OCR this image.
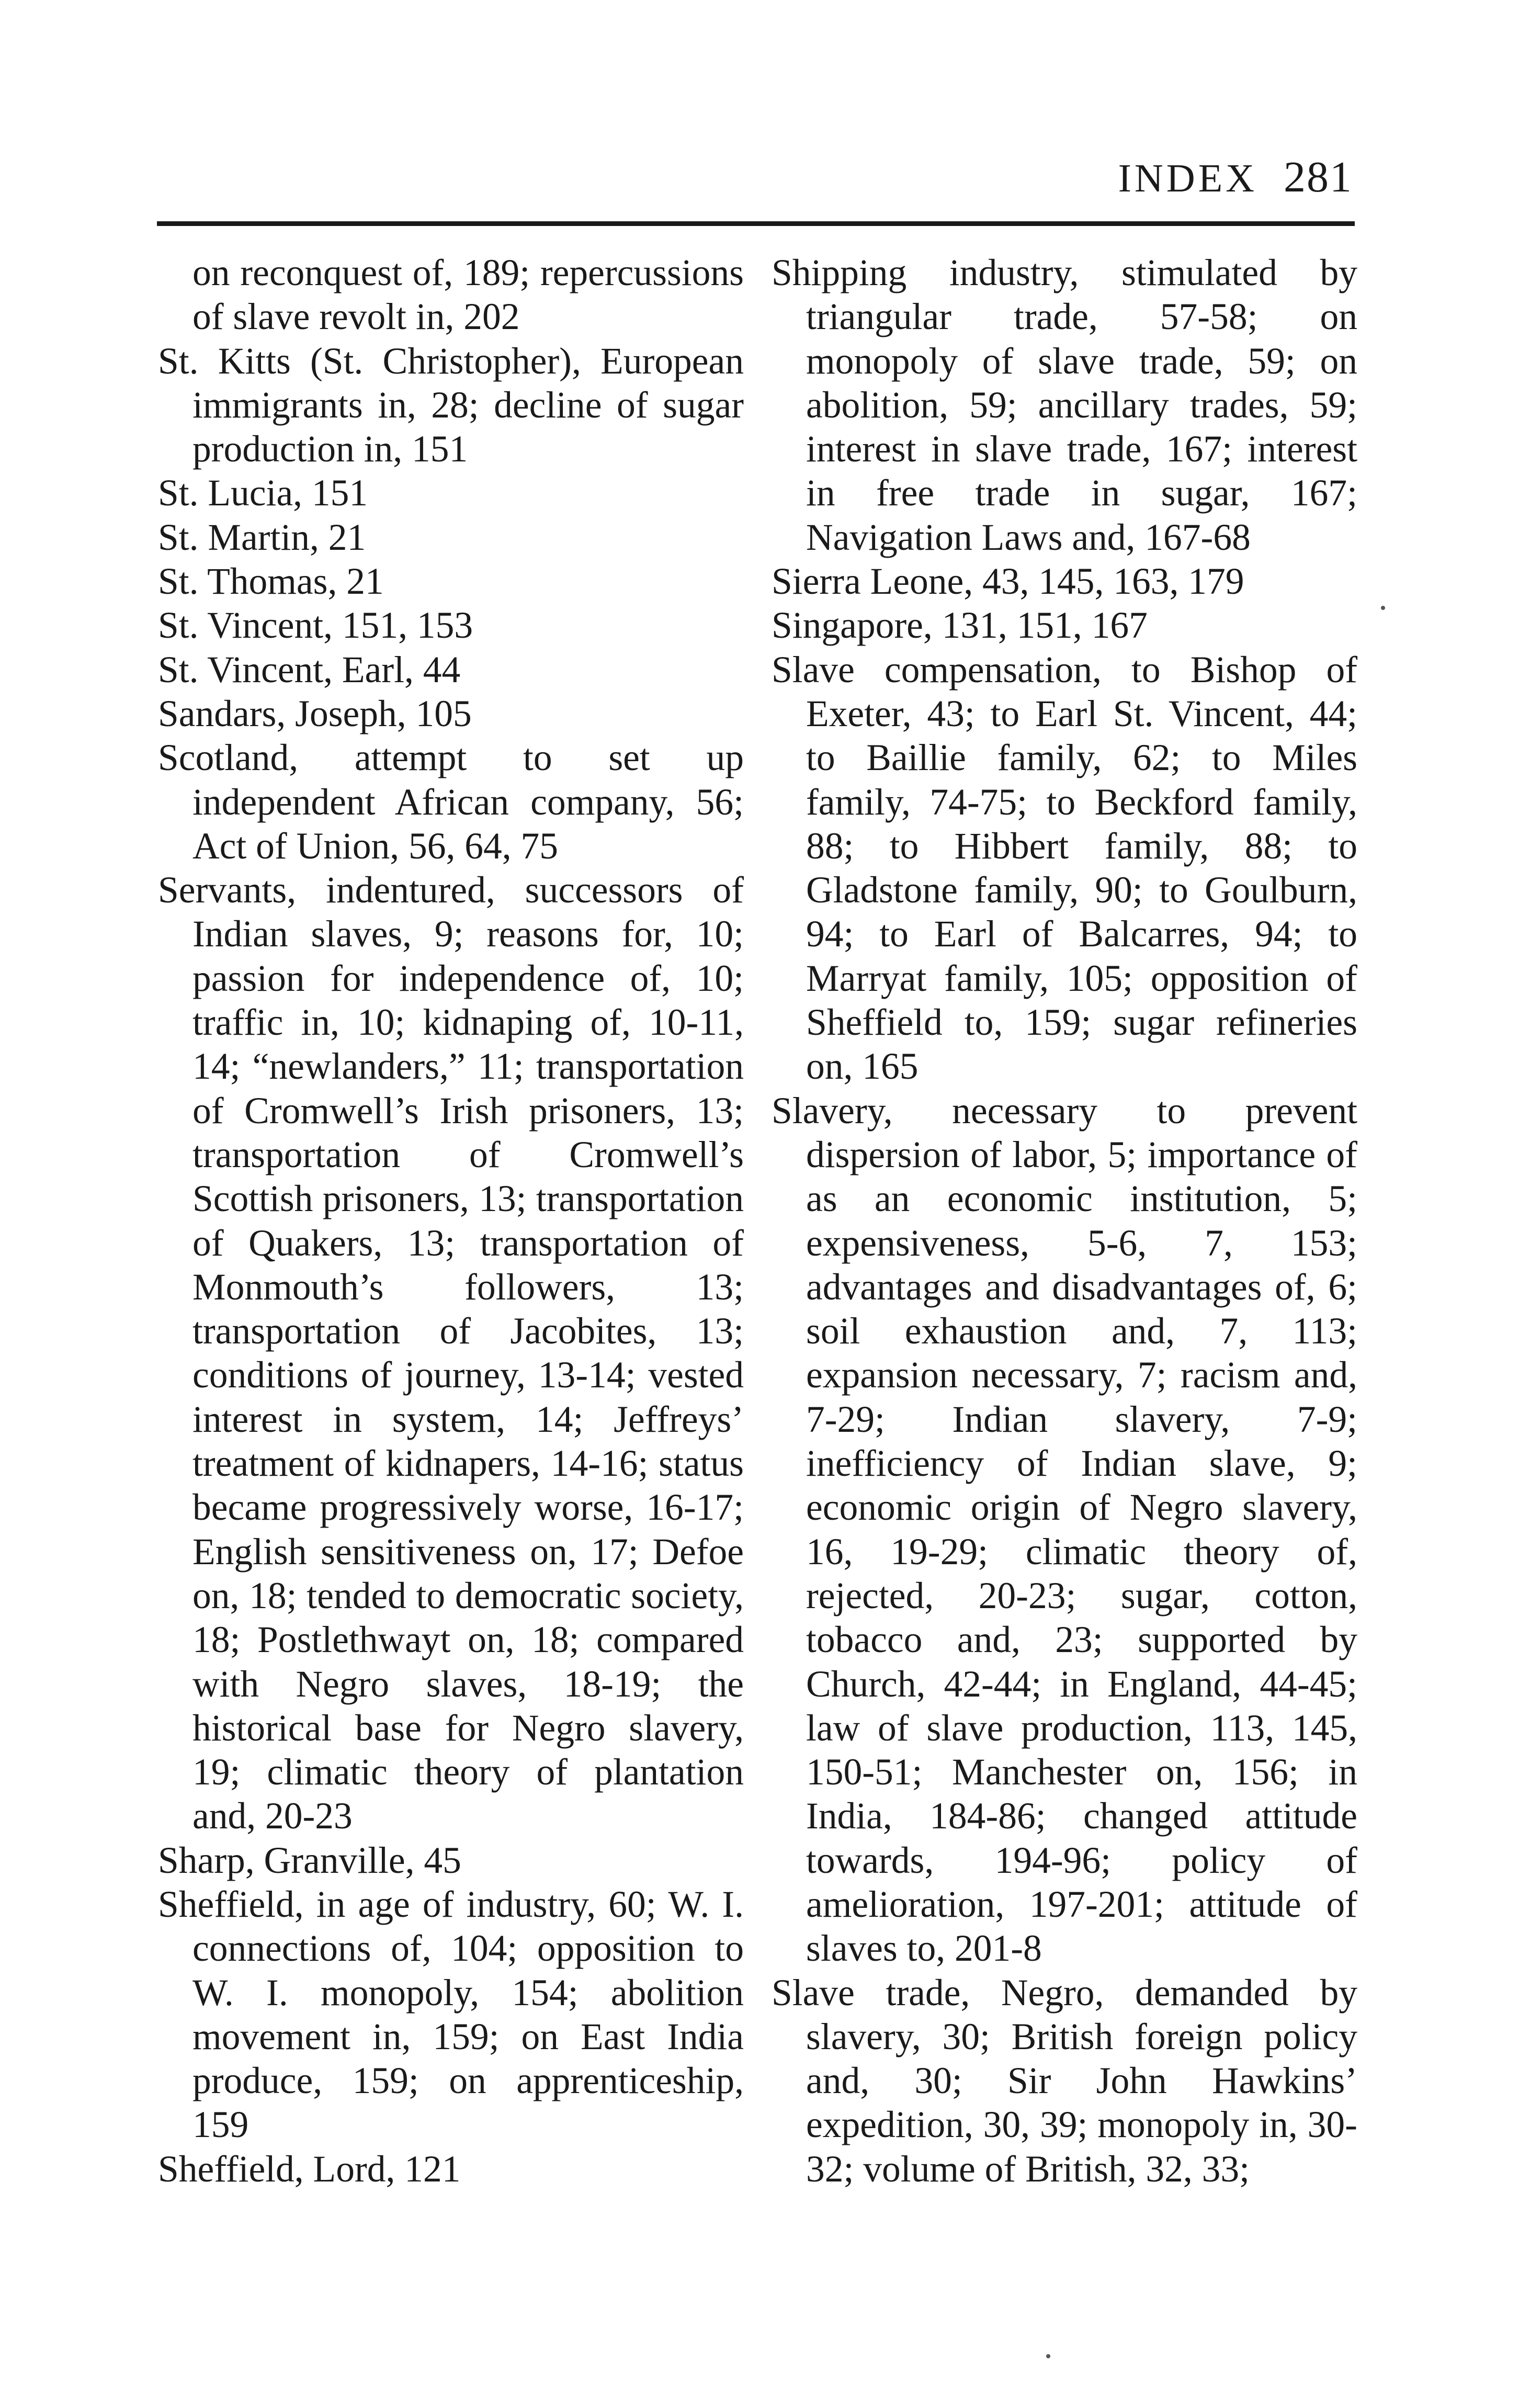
INDEX 281

on reconquest of, 189; repercussions of slave revolt in, 202

St. Kitts (St. Christopher), European immigrants in, 28; decline of sugar production in, 151

St. Lucia, 151

St. Martin, 21

St. Thomas, 21

St. Vincent, 151, 153

St. Vincent, Earl, 44

Sandars, Joseph, 105

Scotland, attempt to set up independent African company, 56; Act of Union, 56, 64, 75

Servants, indentured, successors of Indian slaves, 9; reasons for, 10; passion for independence of, 10; traffic in, 10; kidnaping of, 10-11, 14; “newlanders,” 11; transportation of Cromwell’s Irish prisoners, 13; transportation of Cromwell’s Scottish prisoners, 13; transportation of Quakers, 13; transportation of Monmouth’s followers, 13; transportation of Jacobites, 13; conditions of journey, 13-14; vested interest in system, 14; Jeffreys’ treatment of kidnapers, 14-16; status became progressively worse, 16-17; English sensitiveness on, 17; Defoe on, 18; tended to democratic society, 18; Postlethwayt on, 18; compared with Negro slaves, 18-19; the historical base for Negro slavery, 19; climatic theory of plantation and, 20-23

Sharp, Granville, 45

Sheffield, in age of industry, 60; W. I. connections of, 104; opposition to W. I. monopoly, 154; abolition movement in, 159; on East India produce, 159; on apprenticeship, 159

Sheffield, Lord, 121

Shipping industry, stimulated by triangular trade, 57-58; on monopoly of slave trade, 59; on abolition, 59; ancillary trades, 59; interest in slave trade, 167; interest in free trade in sugar, 167; Navigation Laws and, 167-68

Sierra Leone, 43, 145, 163, 179

Singapore, 131, 151, 167

Slave compensation, to Bishop of Exeter, 43; to Earl St. Vincent, 44; to Baillie family, 62; to Miles family, 74-75; to Beckford family, 88; to Hibbert family, 88; to Gladstone family, 90; to Goulburn, 94; to Earl of Balcarres, 94; to Marryat family, 105; opposition of Sheffield to, 159; sugar refineries on, 165

Slavery, necessary to prevent dispersion of labor, 5; importance of as an economic institution, 5; expensiveness, 5-6, 7, 153; advantages and disadvantages of, 6; soil exhaustion and, 7, 113; expansion necessary, 7; racism and, 7-29; Indian slavery, 7-9; inefficiency of Indian slave, 9; economic origin of Negro slavery, 16, 19-29; climatic theory of, rejected, 20-23; sugar, cotton, tobacco and, 23; supported by Church, 42-44; in England, 44-45; law of slave production, 113, 145, 150-51; Manchester on, 156; in India, 184-86; changed attitude towards, 194-96; policy of amelioration, 197-201; attitude of slaves to, 201-8

Slave trade, Negro, demanded by slavery, 30; British foreign policy and, 30; Sir John Hawkins’ expedition, 30, 39; monopoly in, 30-32; volume of British, 32, 33;
